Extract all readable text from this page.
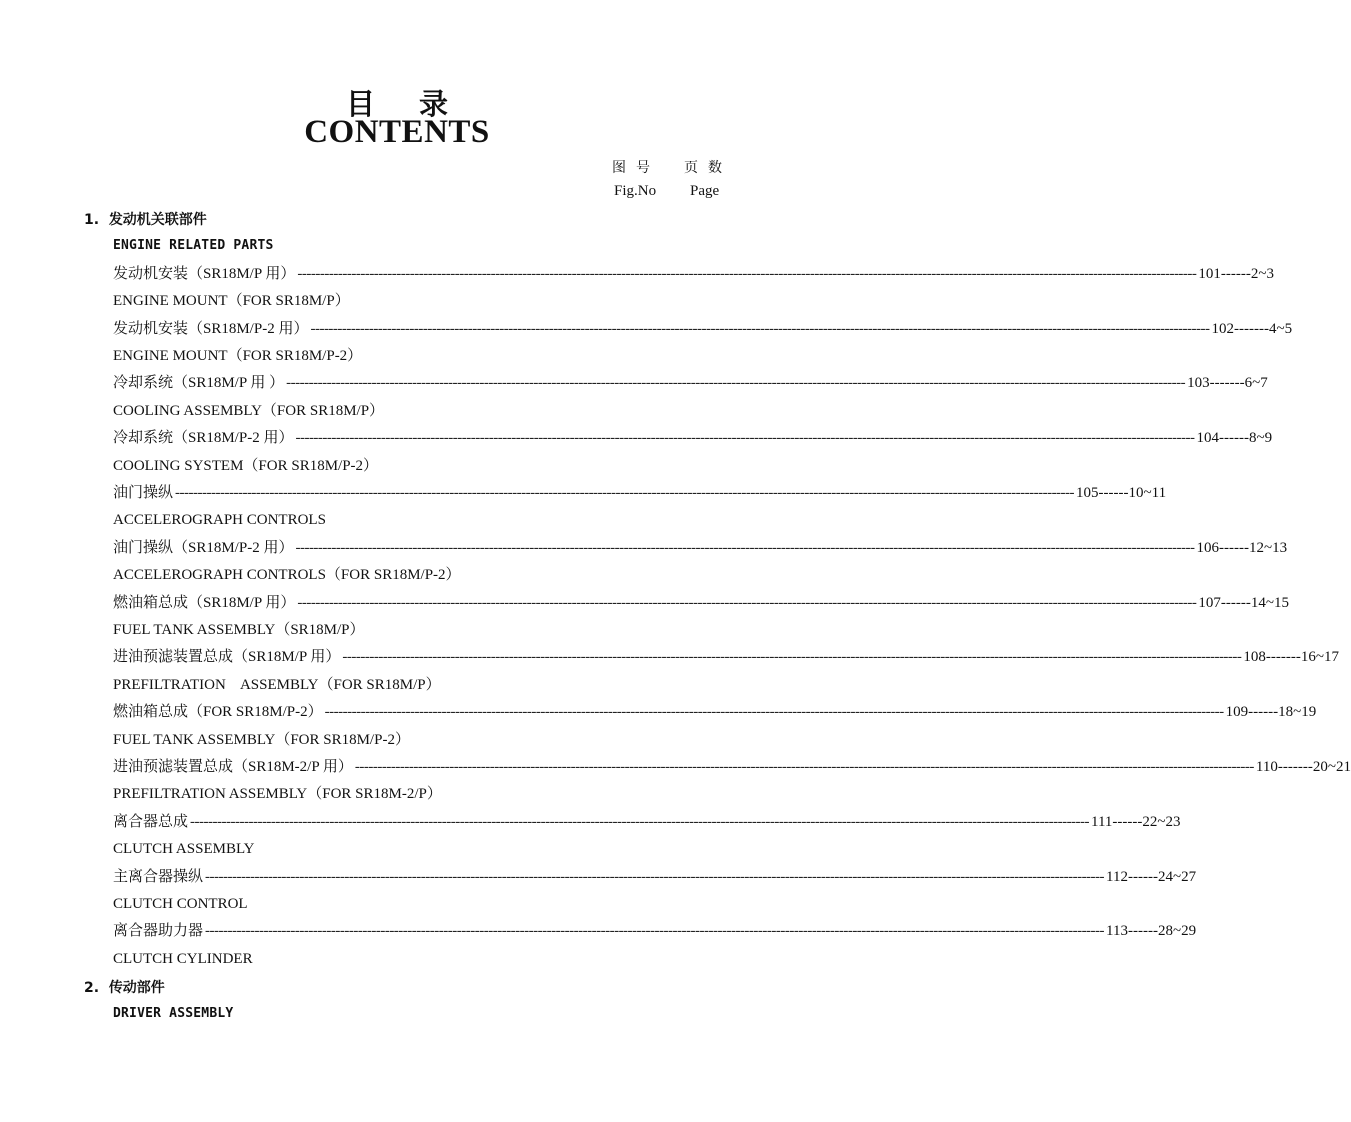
目 录
CONTENTS
图号 页数
Fig.No Page
1. 发动机关联部件
ENGINE RELATED PARTS
发动机安装（SR18M/P 用） -------------------------------------------------------------------------------------------------------------------------------------------------------------------------------------------------------- 101------2~3
ENGINE MOUNT（FOR SR18M/P）
发动机安装（SR18M/P-2 用） -------------------------------------------------------------------------------------------------------------------------------------------------------------------------------------------------------- 102-------4~5
ENGINE MOUNT（FOR SR18M/P-2）
冷却系统（SR18M/P 用 ） -------------------------------------------------------------------------------------------------------------------------------------------------------------------------------------------------------- 103-------6~7
COOLING ASSEMBLY（FOR SR18M/P）
冷却系统（SR18M/P-2 用） -------------------------------------------------------------------------------------------------------------------------------------------------------------------------------------------------------- 104------8~9
COOLING SYSTEM（FOR SR18M/P-2）
油门操纵 -------------------------------------------------------------------------------------------------------------------------------------------------------------------------------------------------------- 105------10~11
ACCELEROGRAPH CONTROLS
油门操纵（SR18M/P-2 用） -------------------------------------------------------------------------------------------------------------------------------------------------------------------------------------------------------- 106------12~13
ACCELEROGRAPH CONTROLS（FOR SR18M/P-2）
燃油箱总成（SR18M/P 用） -------------------------------------------------------------------------------------------------------------------------------------------------------------------------------------------------------- 107------14~15
FUEL TANK ASSEMBLY（SR18M/P）
进油预滤装置总成（SR18M/P 用） -------------------------------------------------------------------------------------------------------------------------------------------------------------------------------------------------------- 108-------16~17
PREFILTRATION    ASSEMBLY（FOR SR18M/P）
燃油箱总成（FOR SR18M/P-2） -------------------------------------------------------------------------------------------------------------------------------------------------------------------------------------------------------- 109------18~19
FUEL TANK ASSEMBLY（FOR SR18M/P-2）
进油预滤装置总成（SR18M-2/P 用） -------------------------------------------------------------------------------------------------------------------------------------------------------------------------------------------------------- 110-------20~21
PREFILTRATION ASSEMBLY（FOR SR18M-2/P）
离合器总成 -------------------------------------------------------------------------------------------------------------------------------------------------------------------------------------------------------- 111------22~23
CLUTCH ASSEMBLY
主离合器操纵 -------------------------------------------------------------------------------------------------------------------------------------------------------------------------------------------------------- 112------24~27
CLUTCH CONTROL
离合器助力器 -------------------------------------------------------------------------------------------------------------------------------------------------------------------------------------------------------- 113------28~29
CLUTCH CYLINDER
2. 传动部件
DRIVER ASSEMBLY
